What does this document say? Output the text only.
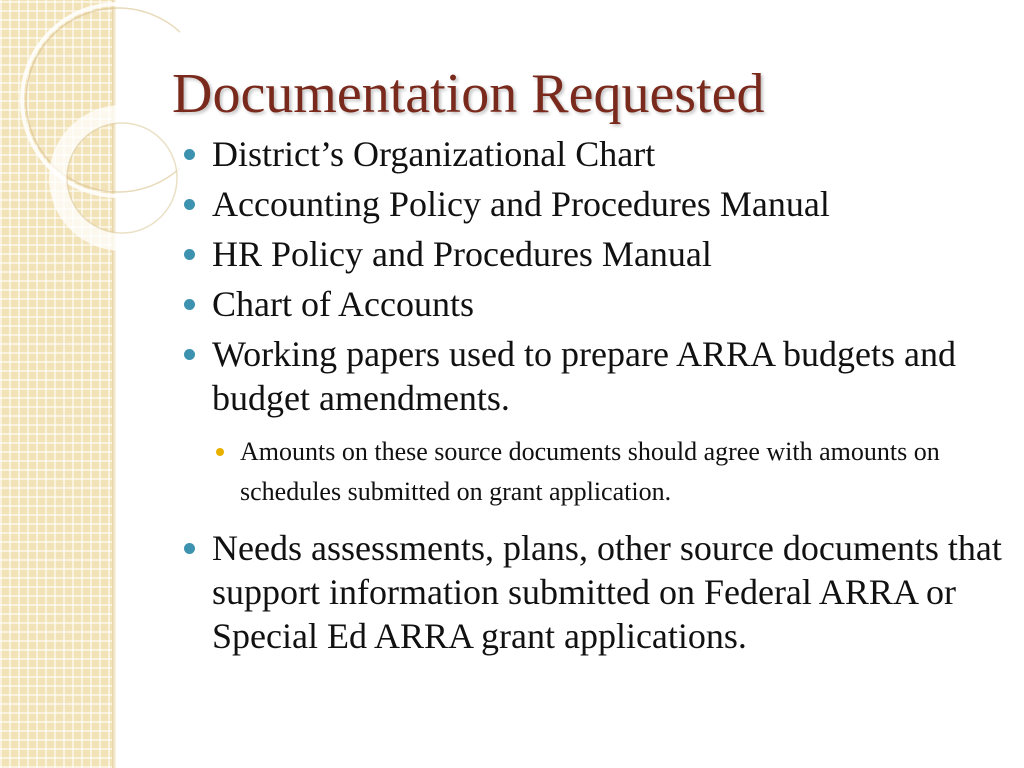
Documentation Requested
District’s Organizational Chart
Accounting Policy and Procedures Manual
HR Policy and Procedures Manual
Chart of Accounts
Working papers used to prepare ARRA budgets and budget amendments.
Amounts on these source documents should agree with amounts on schedules submitted on grant application.
Needs assessments, plans, other source documents that support information submitted on Federal ARRA or Special Ed ARRA grant applications.
